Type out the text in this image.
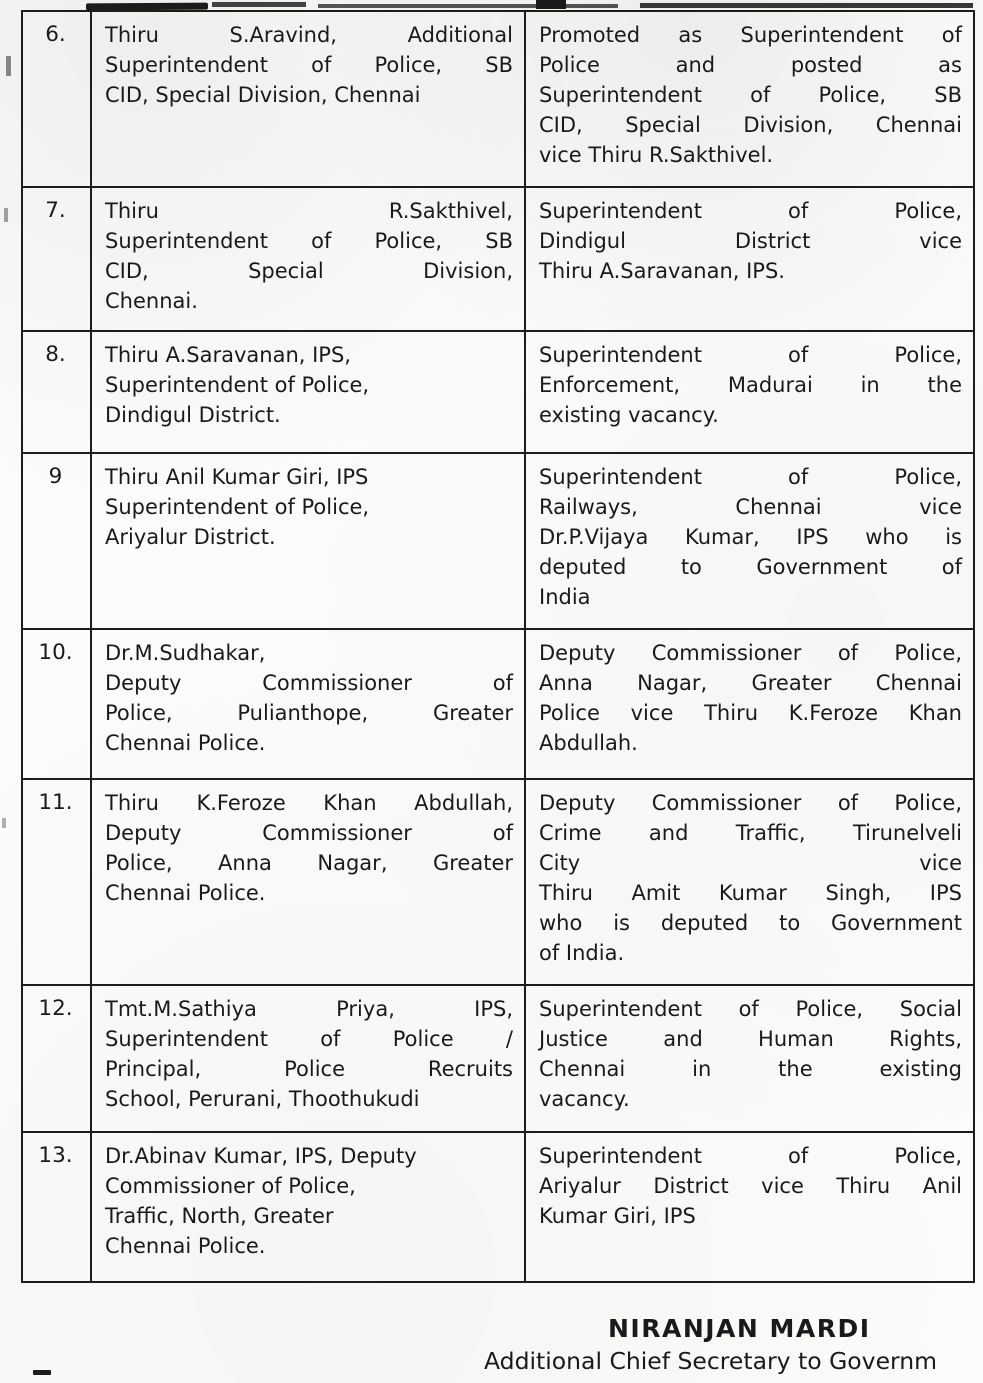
6.	Thiru S.Aravind, Additional
Superintendent of Police, SB
CID, Special Division, Chennai

Promoted as Superintendent of
Police and posted as
Superintendent of Police, SB
CID, Special Division, Chennai
vice Thiru R.Sakthivel.

7.	Thiru R.Sakthivel,
Superintendent of Police, SB
CID, Special Division,
Chennai.

Superintendent of Police,
Dindigul District vice
Thiru A.Saravanan, IPS.

8.	Thiru A.Saravanan, IPS,
Superintendent of Police,
Dindigul District.

Superintendent of Police,
Enforcement, Madurai in the
existing vacancy.

9	Thiru Anil Kumar Giri, IPS
Superintendent of Police,
Ariyalur District.

Superintendent of Police,
Railways, Chennai vice
Dr.P.Vijaya Kumar, IPS who is
deputed to Government of
India

10.	Dr.M.Sudhakar,
Deputy Commissioner of
Police, Pulianthope, Greater
Chennai Police.

Deputy Commissioner of Police,
Anna Nagar, Greater Chennai
Police vice Thiru K.Feroze Khan
Abdullah.

11.	Thiru K.Feroze Khan Abdullah,
Deputy Commissioner of
Police, Anna Nagar, Greater
Chennai Police.

Deputy Commissioner of Police,
Crime and Traffic, Tirunelveli
City vice
Thiru Amit Kumar Singh, IPS
who is deputed to Government
of India.

12.	Tmt.M.Sathiya Priya, IPS,
Superintendent of Police /
Principal, Police Recruits
School, Perurani, Thoothukudi

Superintendent of Police, Social
Justice and Human Rights,
Chennai in the existing
vacancy.

13.	Dr.Abinav Kumar, IPS, Deputy
Commissioner of Police,
Traffic, North, Greater
Chennai Police.

Superintendent of Police,
Ariyalur District vice Thiru Anil
Kumar Giri, IPS
NIRANJAN MARDI
Additional Chief Secretary to Governm
